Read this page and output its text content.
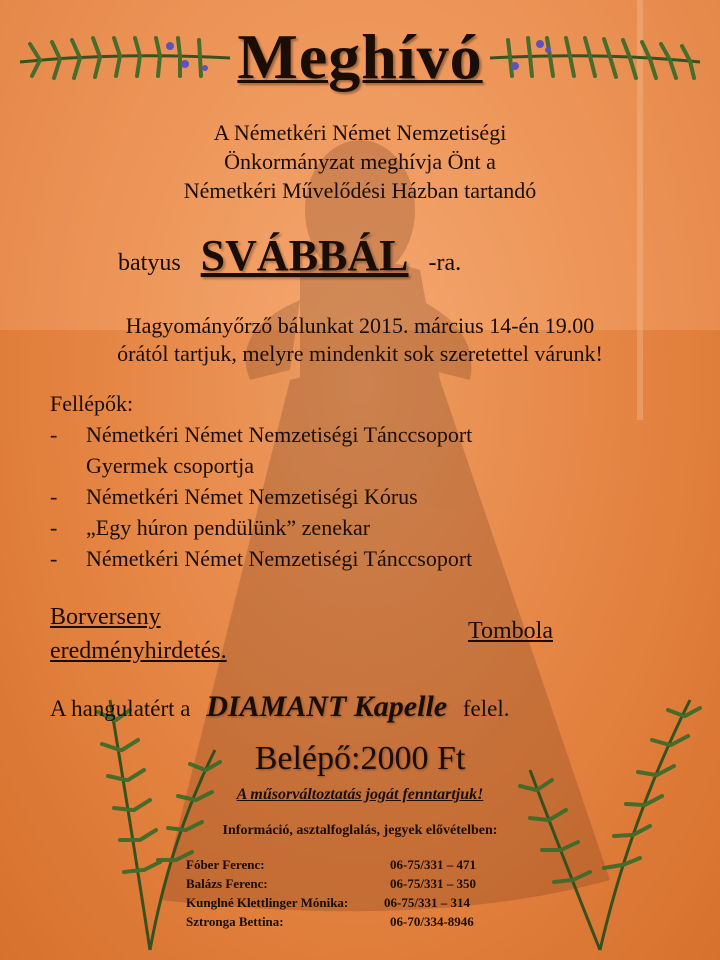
Meghívó
A Németkéri Német Nemzetiségi
Önkormányzat meghívja Önt a
Németkéri Művelődési Házban tartandó
batyus SVÁBBÁL -ra.
Hagyományőrző bálunkat 2015. március 14-én 19.00
órától tartjuk, melyre mindenkit sok szeretettel várunk!
Fellépők:
-	Németkéri Német Nemzetiségi Tánccsoport
Gyermek csoportja
-	Németkéri Német Nemzetiségi Kórus
-	„Egy húron pendülünk” zenekar
-	Németkéri Német Nemzetiségi Tánccsoport
Borverseny
eredményhirdetés.
Tombola
A hangulatért a DIAMANT Kapelle felel.
Belépő:2000 Ft
A műsorváltoztatás jogát fenntartjuk!
Információ, asztalfoglalás, jegyek elővételben:
Fóber Ferenc:	06-75/331 – 471
Balázs Ferenc:	06-75/331 – 350
Kunglné Klettlinger Mónika:	06-75/331 – 314
Sztronga Bettina:	06-70/334-8946
